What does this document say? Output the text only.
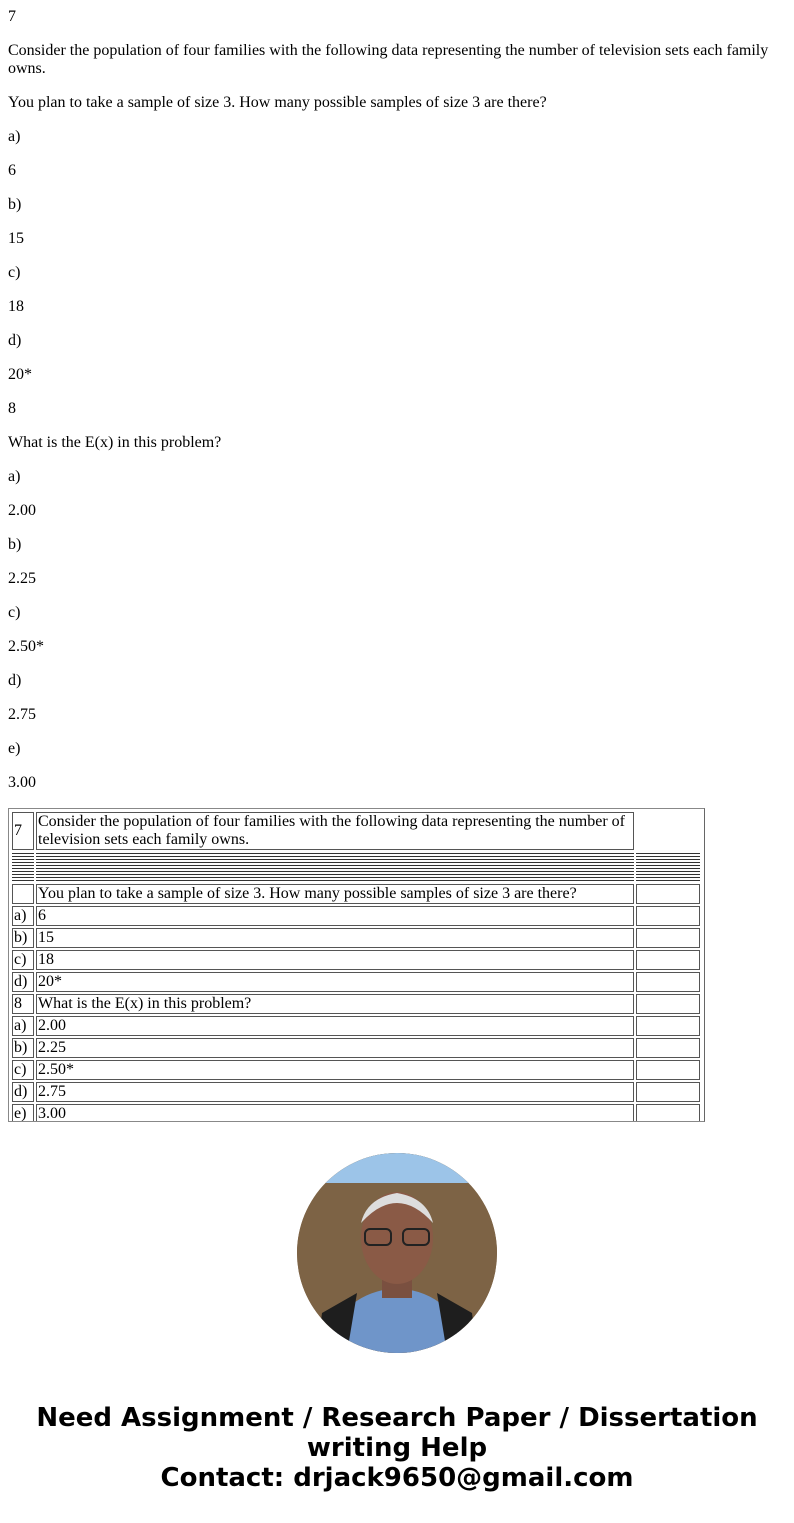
7

Consider the population of four families with the following data representing the number of television sets each family owns.

You plan to take a sample of size 3. How many possible samples of size 3 are there?

a)

6

b)

15

c)

18

d)

20*

8

What is the E(x) in this problem?

a)

2.00

b)

2.25

c)

2.50*

d)

2.75

e)

3.00

7	Consider the population of four families with the following data representing the number of television sets each family owns.	

	You plan to take a sample of size 3. How many possible samples of size 3 are there?	
a)	6	
b)	15	
c)	18	
d)	20*	
8	What is the E(x) in this problem?	
a)	2.00	
b)	2.25	
c)	2.50*	
d)	2.75	
e)	3.00	
Need Assignment / Research Paper / Dissertation
writing Help
Contact: drjack9650@gmail.com
